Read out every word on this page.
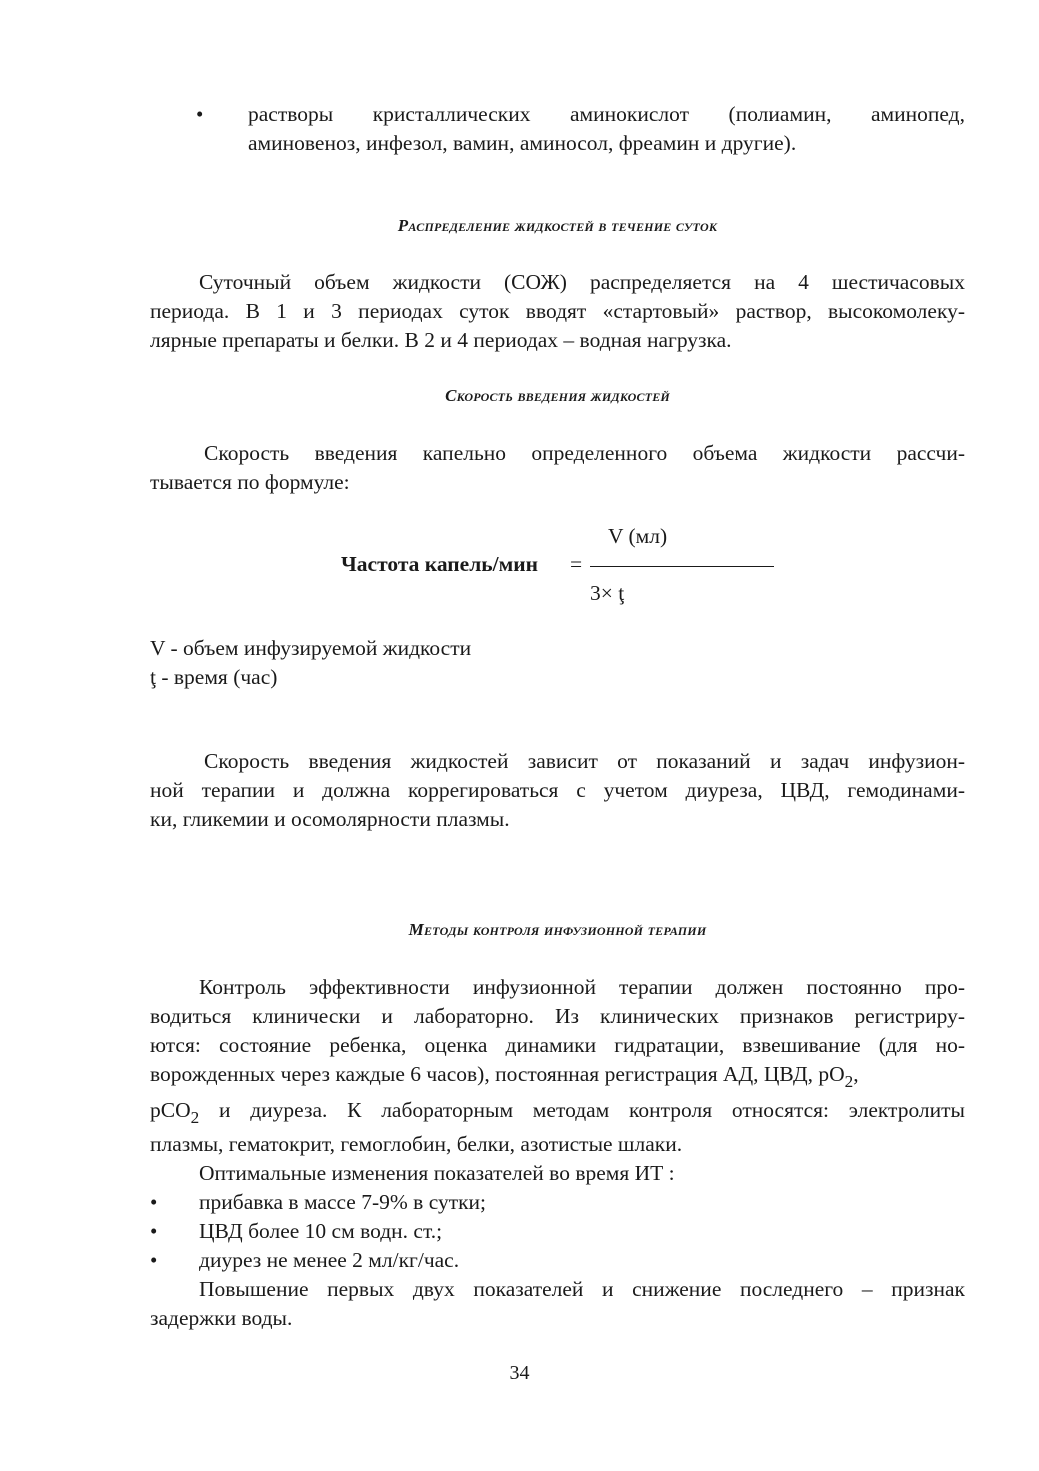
• растворы кристаллических аминокислот (полиамин, аминопед,
аминовеноз, инфезол, вамин, аминосол, фреамин и другие).
Распределение жидкостей в течение суток
Суточный объем жидкости (СОЖ) распределяется на 4 шестичасовых
периода. В 1 и 3 периодах суток вводят «стартовый» раствор, высокомолеку-
лярные препараты и белки. В 2 и 4 периодах – водная нагрузка.
Скорость введения жидкостей
Скорость введения капельно определенного объема жидкости рассчи-
тывается по формуле:
V (мл)
Частота капель/мин =
3× ţ
V - объем инфузируемой жидкости
ţ - время (час)
Скорость введения жидкостей зависит от показаний и задач инфузион-
ной терапии и должна коррегироваться с учетом диуреза, ЦВД, гемодинами-
ки, гликемии и осомолярности плазмы.
Методы контроля инфузионной терапии
Контроль эффективности инфузионной терапии должен постоянно про-
водиться клинически и лабораторно. Из клинических признаков регистриру-
ются: состояние ребенка, оценка динамики гидратации, взвешивание (для но-
ворожденных через каждые 6 часов), постоянная регистрация АД, ЦВД, $рО_2$,
рСО$_2$ и диуреза. К лабораторным методам контроля относятся: электролиты
плазмы, гематокрит, гемоглобин, белки, азотистые шлаки.
Оптимальные изменения показателей во время ИТ :
• прибавка в массе 7-9% в сутки;
• ЦВД более 10 см водн. ст.;
• диурез не менее 2 мл/кг/час.
Повышение первых двух показателей и снижение последнего – признак
задержки воды.
34
